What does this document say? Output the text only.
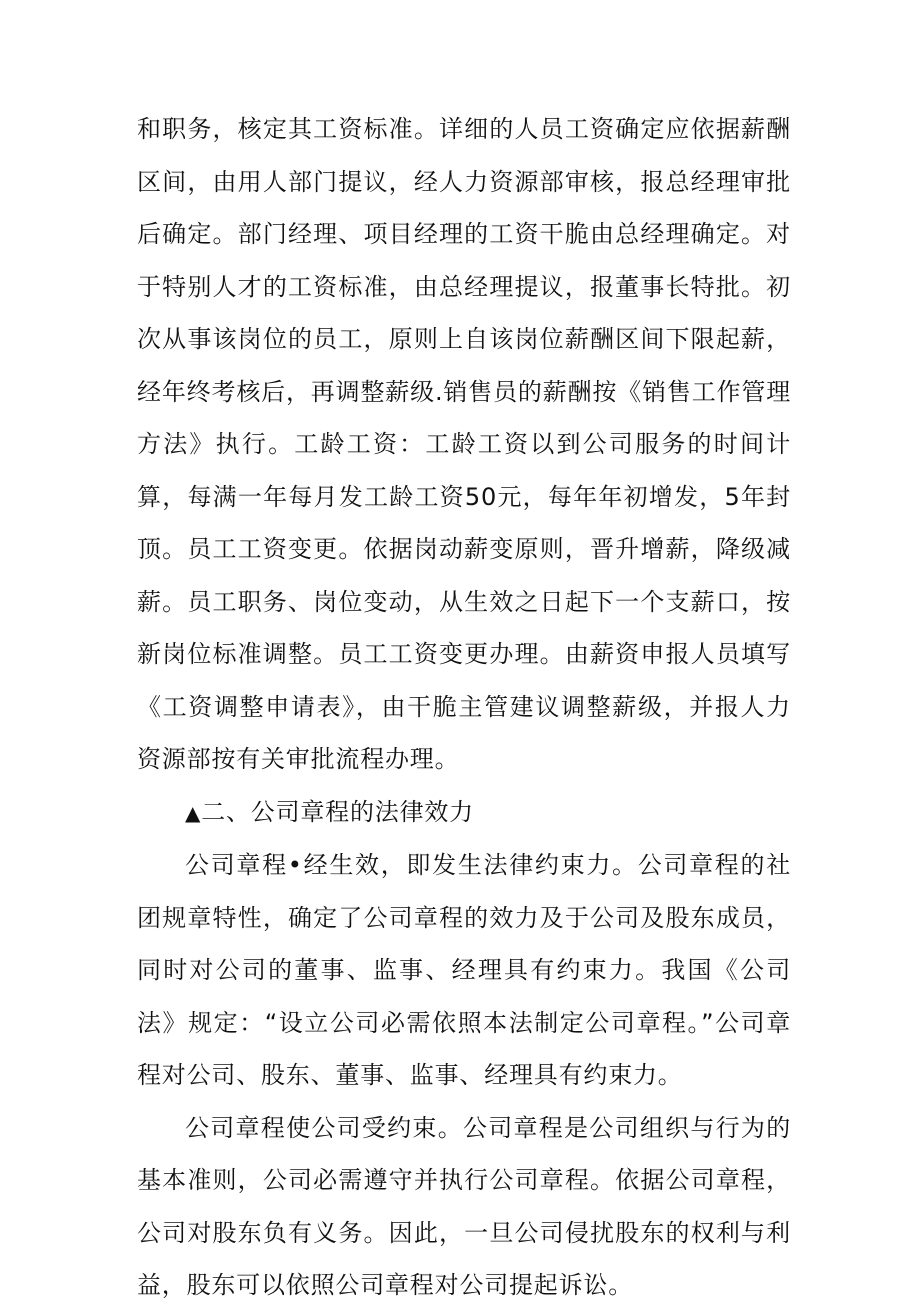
和职务，核定其工资标准。详细的人员工资确定应依据薪酬区间，由用人部门提议，经人力资源部审核，报总经理审批后确定。部门经理、项目经理的工资干脆由总经理确定。对于特别人才的工资标准，由总经理提议，报董事长特批。初次从事该岗位的员工，原则上自该岗位薪酬区间下限起薪，经年终考核后，再调整薪级.销售员的薪酬按《销售工作管理方法》执行。工龄工资：工龄工资以到公司服务的时间计算，每满一年每月发工龄工资50元，每年年初增发，5年封顶。员工工资变更。依据岗动薪变原则，晋升增薪，降级减薪。员工职务、岗位变动，从生效之日起下一个支薪口，按新岗位标准调整。员工工资变更办理。由薪资申报人员填写《工资调整申请表》，由干脆主管建议调整薪级，并报人力资源部按有关审批流程办理。

▲二、公司章程的法律效力

公司章程•经生效，即发生法律约束力。公司章程的社团规章特性，确定了公司章程的效力及于公司及股东成员，同时对公司的董事、监事、经理具有约束力。我国《公司法》规定：“设立公司必需依照本法制定公司章程。”公司章程对公司、股东、董事、监事、经理具有约束力。

公司章程使公司受约束。公司章程是公司组织与行为的基本准则，公司必需遵守并执行公司章程。依据公司章程，公司对股东负有义务。因此，一旦公司侵扰股东的权利与利益，股东可以依照公司章程对公司提起诉讼。
